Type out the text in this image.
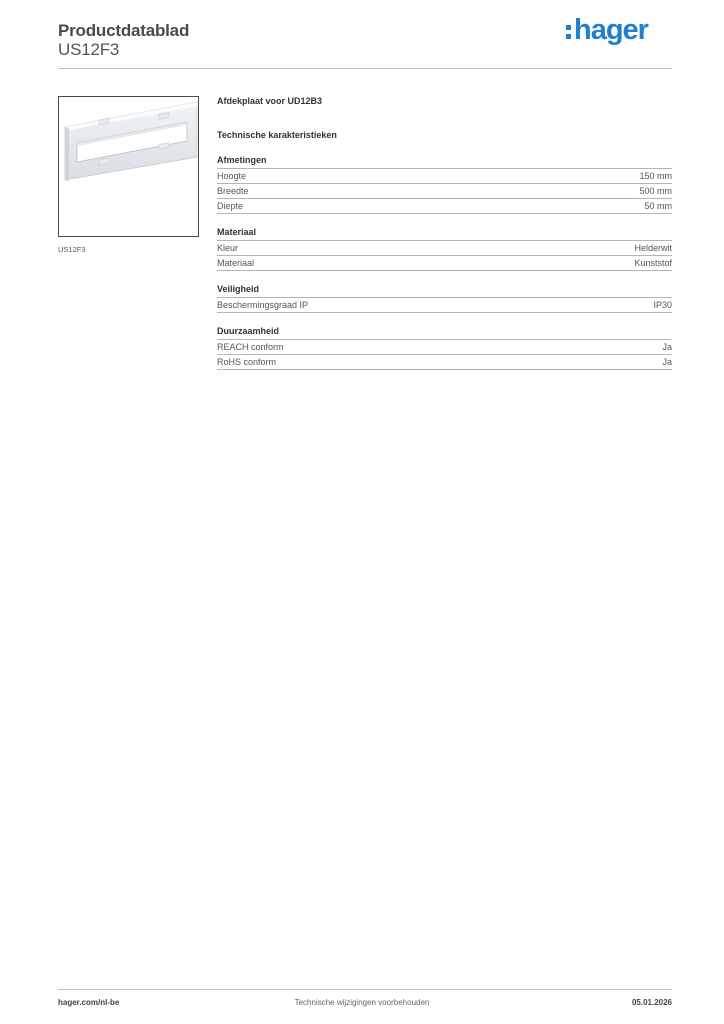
Productdatablad
US12F3
hager
US12F3
Afdekplaat voor UD12B3
Technische karakteristieken
Afmetingen
Hoogte	150 mm
Breedte	500 mm
Diepte	50 mm
Materiaal
Kleur	Helderwit
Materiaal	Kunststof
Veiligheid
Beschermingsgraad IP	IP30
Duurzaamheid
REACH conform	Ja
RoHS conform	Ja
hager.com/nl-be	Technische wijzigingen voorbehouden	05.01.2026
